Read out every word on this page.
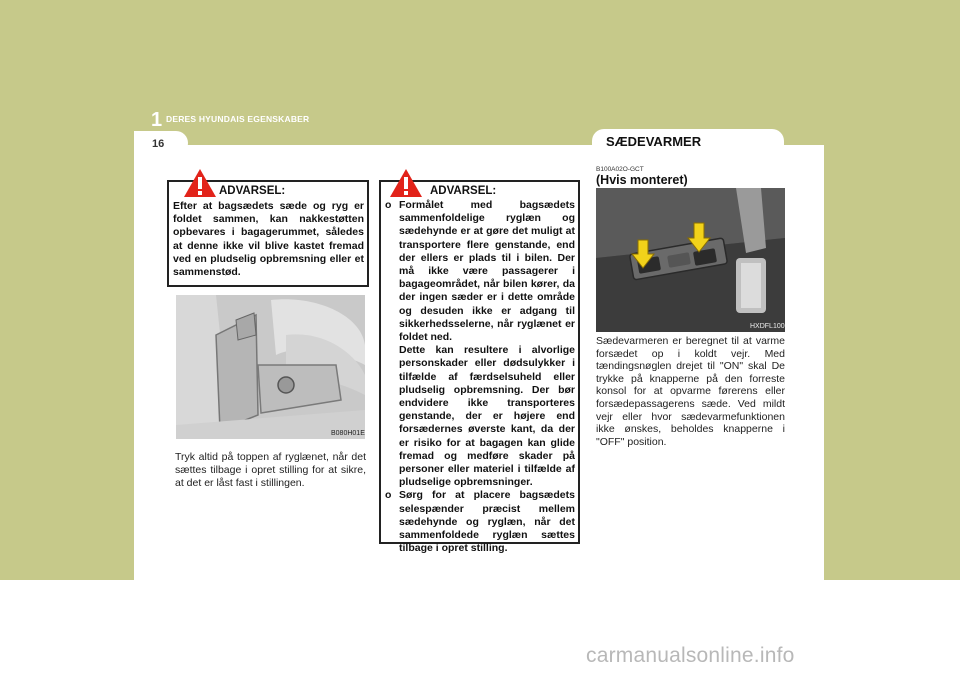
1 DERES HYUNDAIS EGENSKABER
16	SÆDEVARMER
ADVARSEL:
Efter at bagsædets sæde og ryg er foldet sammen, kan nakkestøtten opbevares i bagagerummet, således at denne ikke vil blive kastet fremad ved en pludselig opbremsning eller et sammenstød.
B080H01E
Tryk altid på toppen af ryglænet, når det sættes tilbage i opret stilling for at sikre, at det er låst fast i stillingen.
ADVARSEL:
o Formålet med bagsædets sammenfoldelige ryglæn og sædehynde er at gøre det muligt at transportere flere genstande, end der ellers er plads til i bilen. Der må ikke være passagerer i bagageområdet, når bilen kører, da der ingen sæder er i dette område og desuden ikke er adgang til sikkerhedsselerne, når ryglænet er foldet ned.
Dette kan resultere i alvorlige personskader eller dødsulykker i tilfælde af færdselsuheld eller pludselig opbremsning. Der bør endvidere ikke transporteres genstande, der er højere end forsædernes øverste kant, da der er risiko for at bagagen kan glide fremad og medføre skader på personer eller materiel i tilfælde af pludselige opbremsninger.
o Sørg for at placere bagsædets selespænder præcist mellem sædehynde og ryglæn, når det sammenfoldede ryglæn sættes tilbage i opret stilling.
B100A02O-GCT
(Hvis monteret)
HXDFL100
Sædevarmeren er beregnet til at varme forsædet op i koldt vejr. Med tændingsnøglen drejet til "ON" skal De trykke på knapperne på den forreste konsol for at opvarme førerens eller forsædepassagerens sæde. Ved mildt vejr eller hvor sædevarmefunktionen ikke ønskes, beholdes knapperne i "OFF" position.
carmanualsonline.info
